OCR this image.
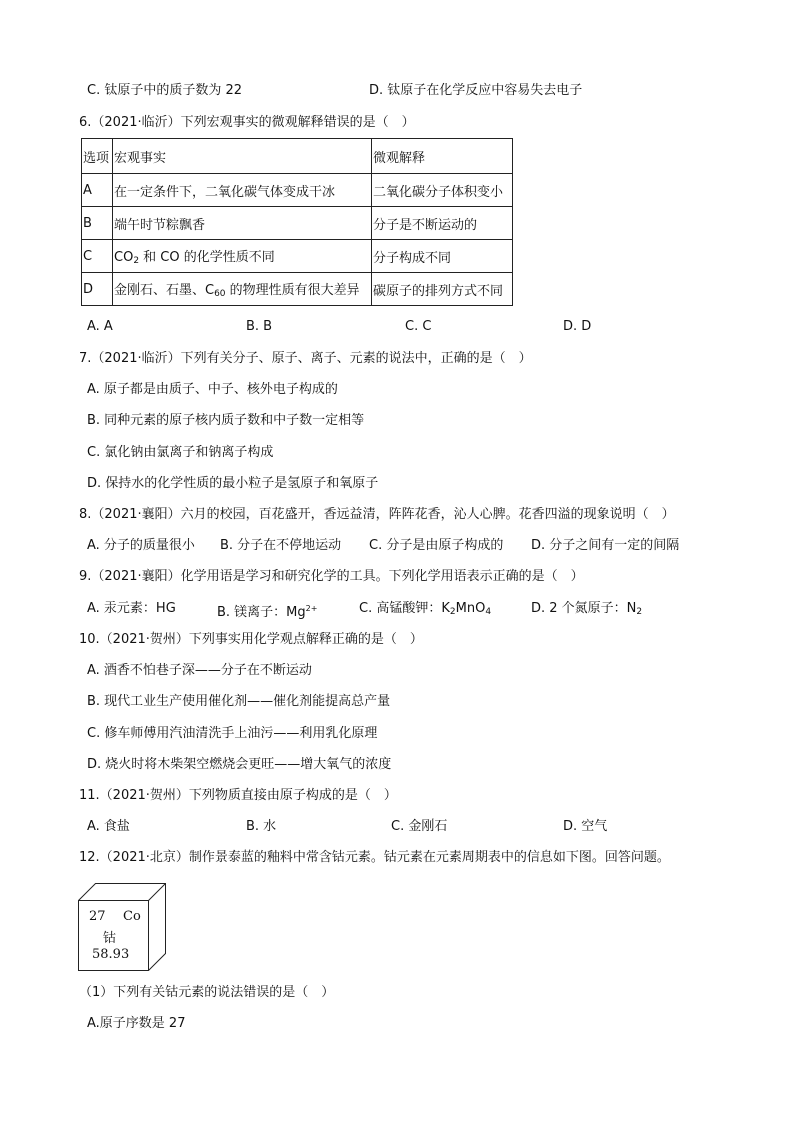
C. 钛原子中的质子数为 22	D. 钛原子在化学反应中容易失去电子
6.（2021·临沂）下列宏观事实的微观解释错误的是（　）
选项	宏观事实	微观解释
A	在一定条件下，二氧化碳气体变成干冰	二氧化碳分子体积变小
B	端午时节粽飘香	分子是不断运动的
C	$CO_2$ 和 CO 的化学性质不同	分子构成不同
D	金刚石、石墨、$C_{60}$ 的物理性质有很大差异	碳原子的排列方式不同
A. A	B. B	C. C	D. D
7.（2021·临沂）下列有关分子、原子、离子、元素的说法中，正确的是（　）
A. 原子都是由质子、中子、核外电子构成的
B. 同种元素的原子核内质子数和中子数一定相等
C. 氯化钠由氯离子和钠离子构成
D. 保持水的化学性质的最小粒子是氢原子和氧原子
8.（2021·襄阳）六月的校园，百花盛开，香远益清，阵阵花香，沁人心脾。花香四溢的现象说明（　）
A. 分子的质量很小 B. 分子在不停地运动 C. 分子是由原子构成的 D. 分子之间有一定的间隔
9.（2021·襄阳）化学用语是学习和研究化学的工具。下列化学用语表示正确的是（　）
A. 汞元素：HG	B. 镁离子：$Mg^{2+}$	C. 高锰酸钾：$K_2MnO_4$	D. 2 个氮原子：$N_2$
10.（2021·贺州）下列事实用化学观点解释正确的是（　）
A. 酒香不怕巷子深——分子在不断运动
B. 现代工业生产使用催化剂——催化剂能提高总产量
C. 修车师傅用汽油清洗手上油污——利用乳化原理
D. 烧火时将木柴架空燃烧会更旺——增大氧气的浓度
11.（2021·贺州）下列物质直接由原子构成的是（　）
A. 食盐	B. 水	C. 金刚石	D. 空气
12.（2021·北京）制作景泰蓝的釉料中常含钴元素。钴元素在元素周期表中的信息如下图。回答问题。
27 Co
钴
58.93
（1）下列有关钴元素的说法错误的是（　）
A.原子序数是 27
